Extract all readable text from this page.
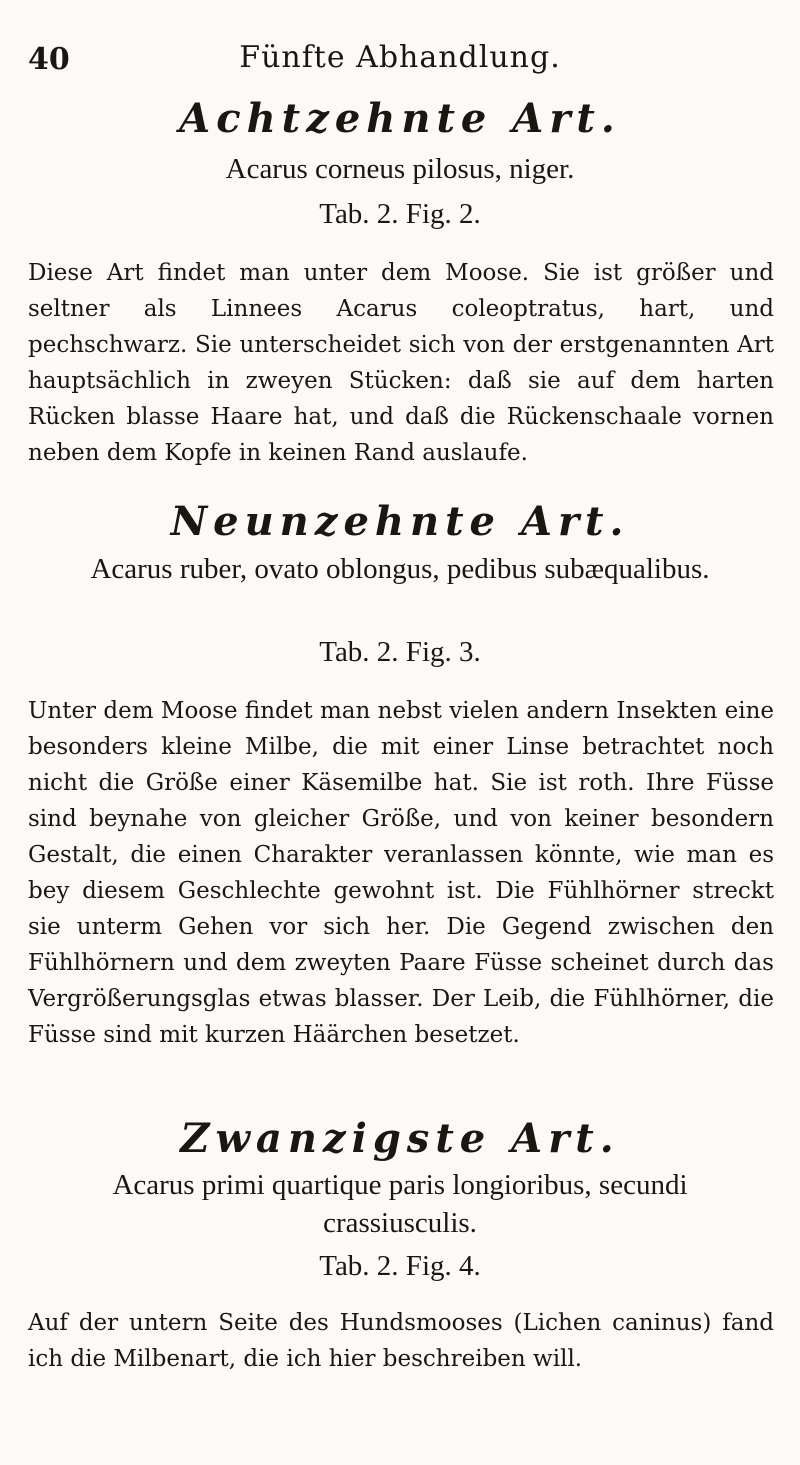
40	Fünfte Abhandlung.
Achtzehnte Art.
Acarus corneus pilosus, niger.
Tab. 2. Fig. 2.

Diese Art findet man unter dem Moose. Sie ist größer und seltner als Linnees Acarus coleoptratus, hart, und pechschwarz. Sie unterscheidet sich von der erstgenannten Art hauptsächlich in zweyen Stücken: daß sie auf dem harten Rücken blasse Haare hat, und daß die Rückenschaale vornen neben dem Kopfe in keinen Rand auslaufe.

Neunzehnte Art.
Acarus ruber, ovato oblongus, pedibus subæqualibus.
Tab. 2. Fig. 3.

Unter dem Moose findet man nebst vielen andern Insekten eine besonders kleine Milbe, die mit einer Linse betrachtet noch nicht die Größe einer Käsemilbe hat. Sie ist roth. Ihre Füsse sind beynahe von gleicher Größe, und von keiner besondern Gestalt, die einen Charakter veranlassen könnte, wie man es bey diesem Geschlechte gewohnt ist. Die Fühlhörner streckt sie unterm Gehen vor sich her. Die Gegend zwischen den Fühlhörnern und dem zweyten Paare Füsse scheinet durch das Vergrößerungsglas etwas blasser. Der Leib, die Fühlhörner, die Füsse sind mit kurzen Häärchen besetzet.

Zwanzigste Art.
Acarus primi quartique paris longioribus, secundi crassiusculis.
Tab. 2. Fig. 4.

Auf der untern Seite des Hundsmooses (Lichen caninus) fand ich die Milbenart, die ich hier beschreiben will.
